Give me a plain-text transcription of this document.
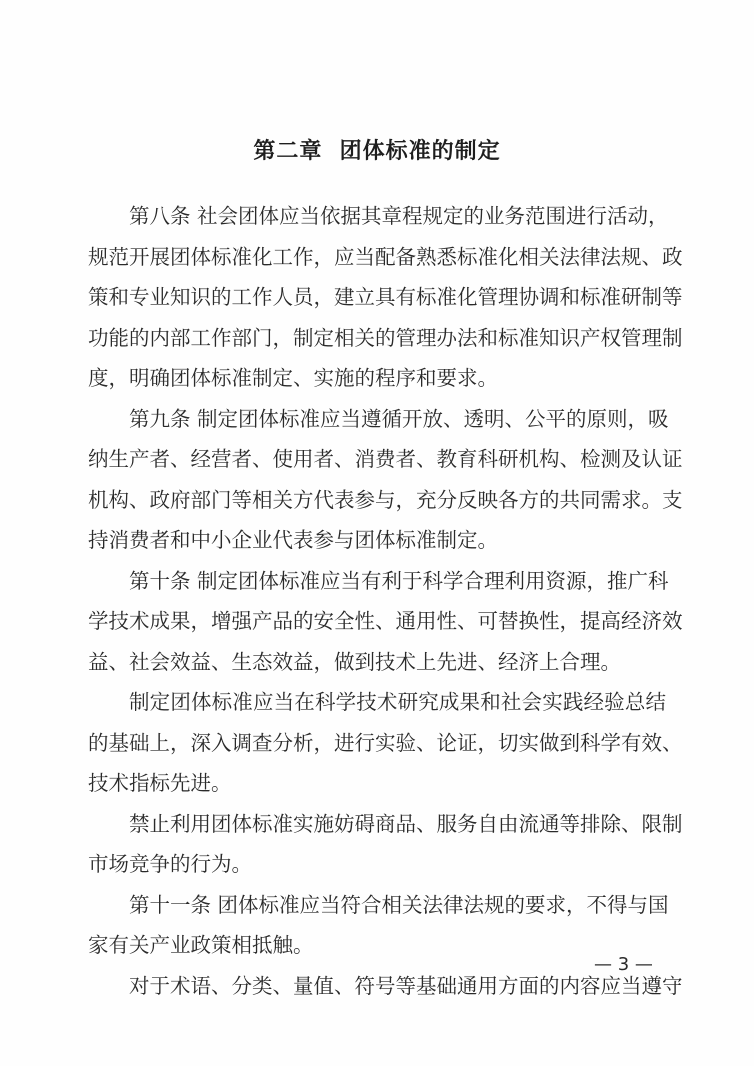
第二章  团体标准的制定

第八条 社会团体应当依据其章程规定的业务范围进行活动，
规范开展团体标准化工作，应当配备熟悉标准化相关法律法规、政
策和专业知识的工作人员，建立具有标准化管理协调和标准研制等
功能的内部工作部门，制定相关的管理办法和标准知识产权管理制
度，明确团体标准制定、实施的程序和要求。

第九条 制定团体标准应当遵循开放、透明、公平的原则，吸
纳生产者、经营者、使用者、消费者、教育科研机构、检测及认证
机构、政府部门等相关方代表参与，充分反映各方的共同需求。支
持消费者和中小企业代表参与团体标准制定。

第十条 制定团体标准应当有利于科学合理利用资源，推广科
学技术成果，增强产品的安全性、通用性、可替换性，提高经济效
益、社会效益、生态效益，做到技术上先进、经济上合理。

制定团体标准应当在科学技术研究成果和社会实践经验总结
的基础上，深入调查分析，进行实验、论证，切实做到科学有效、
技术指标先进。

禁止利用团体标准实施妨碍商品、服务自由流通等排除、限制
市场竞争的行为。

第十一条 团体标准应当符合相关法律法规的要求，不得与国
家有关产业政策相抵触。

对于术语、分类、量值、符号等基础通用方面的内容应当遵守

— 3 —
